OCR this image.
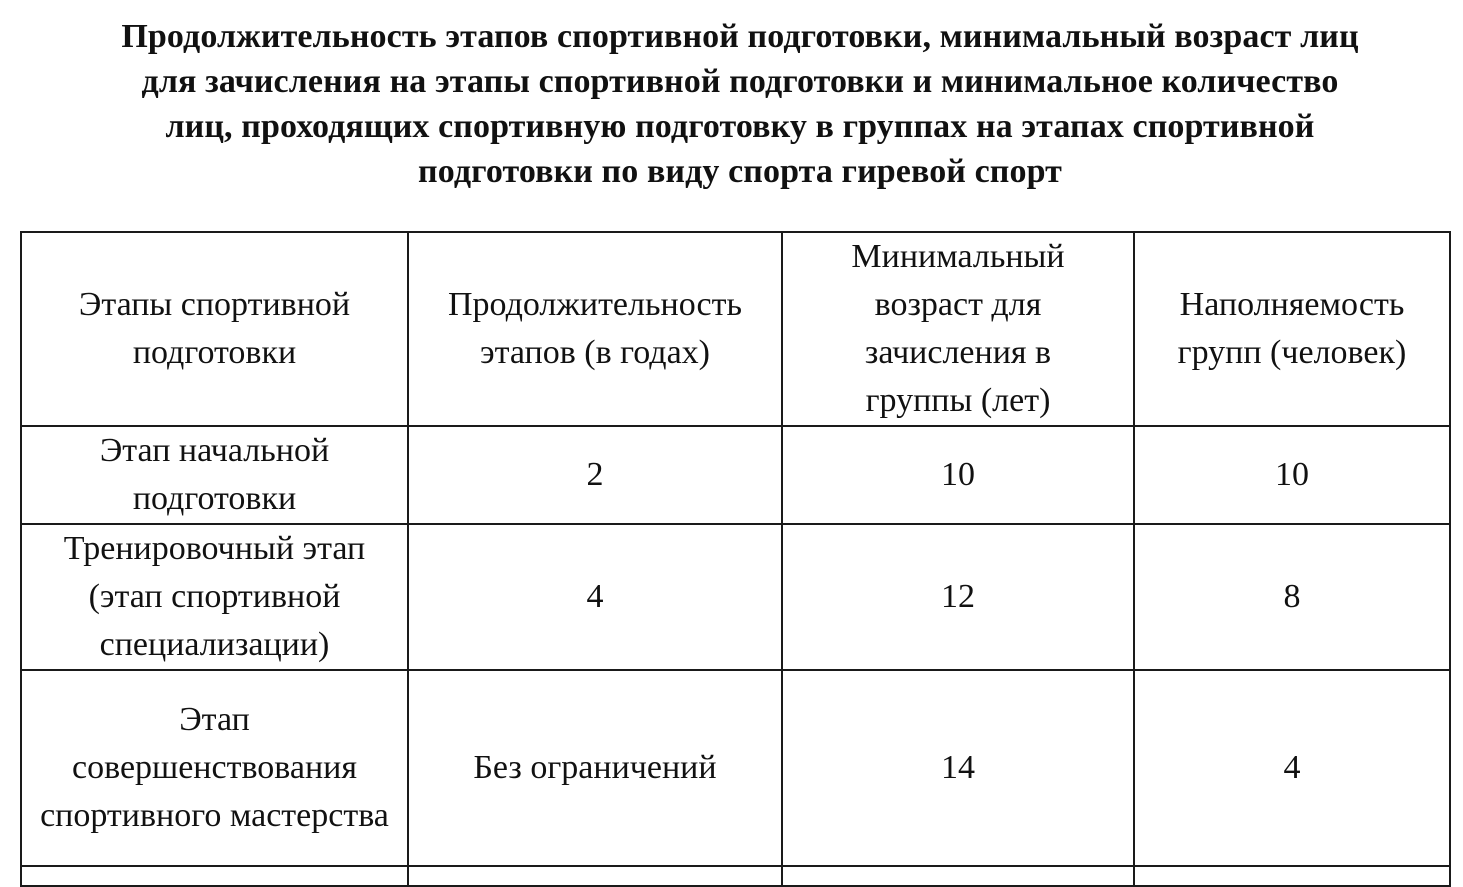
Продолжительность этапов спортивной подготовки, минимальный возраст лиц
для зачисления на этапы спортивной подготовки и минимальное количество
лиц, проходящих спортивную подготовку в группах на этапах спортивной
подготовки по виду спорта гиревой спорт
Этапы спортивной подготовки	Продолжительность этапов (в годах)	Минимальный возраст для зачисления в группы (лет)	Наполняемость групп (человек)

Этап начальной подготовки	2	10	10

Тренировочный этап (этап спортивной специализации)	4	12	8

Этап совершенствования спортивного мастерства	Без ограничений	14	4
